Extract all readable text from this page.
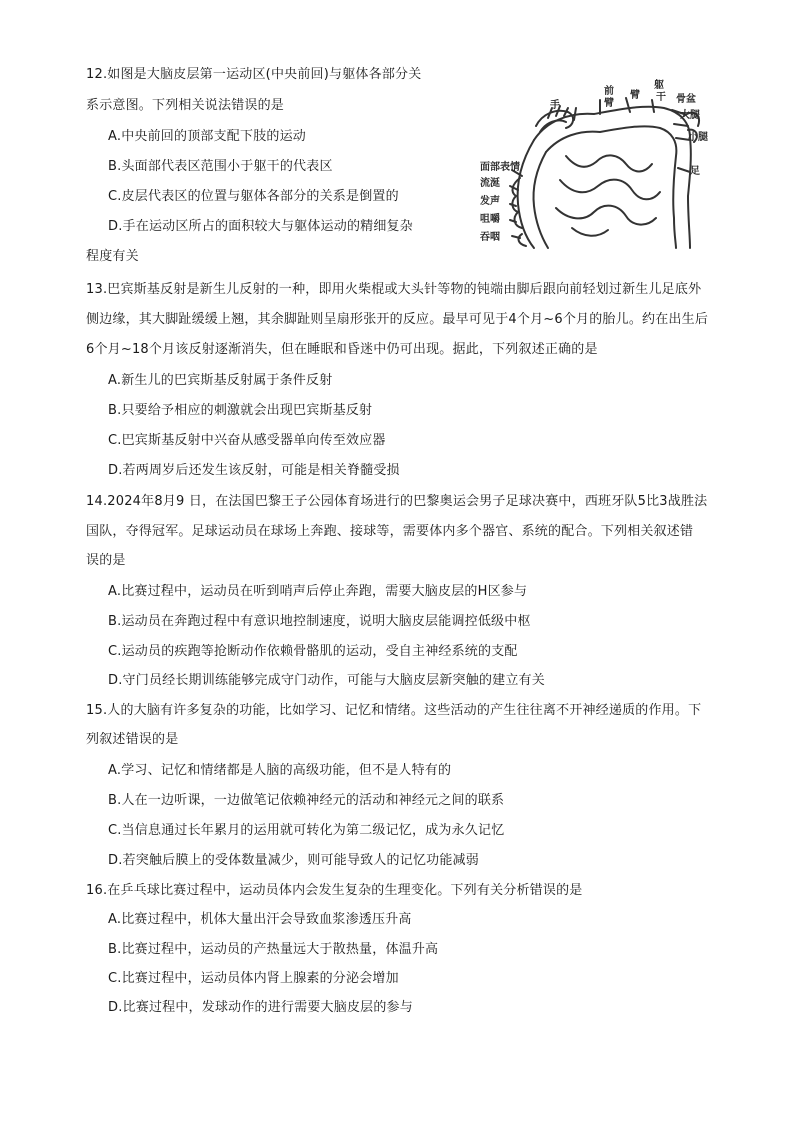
12.如图是大脑皮层第一运动区(中央前回)与躯体各部分关
系示意图。下列相关说法错误的是
A.中央前回的顶部支配下肢的运动
B.头面部代表区范围小于躯干的代表区
C.皮层代表区的位置与躯体各部分的关系是倒置的
D.手在运动区所占的面积较大与躯体运动的精细复杂
程度有关
手
前
臂
臂
躯
干 骨盆
大腿
小腿
足
面部表情
流涎
发声
咀嚼
吞咽
13.巴宾斯基反射是新生儿反射的一种，即用火柴棍或大头针等物的钝端由脚后跟向前轻划过新生儿足底外
侧边缘，其大脚趾缓缓上翘，其余脚趾则呈扇形张开的反应。最早可见于4个月~6个月的胎儿。约在出生后
6个月~18个月该反射逐渐消失，但在睡眠和昏迷中仍可出现。据此，下列叙述正确的是
A.新生儿的巴宾斯基反射属于条件反射
B.只要给予相应的刺激就会出现巴宾斯基反射
C.巴宾斯基反射中兴奋从感受器单向传至效应器
D.若两周岁后还发生该反射，可能是相关脊髓受损
14.2024年8月9 日，在法国巴黎王子公园体育场进行的巴黎奥运会男子足球决赛中，西班牙队5比3战胜法
国队，夺得冠军。足球运动员在球场上奔跑、接球等，需要体内多个器官、系统的配合。下列相关叙述错
误的是
A.比赛过程中，运动员在听到哨声后停止奔跑，需要大脑皮层的H区参与
B.运动员在奔跑过程中有意识地控制速度，说明大脑皮层能调控低级中枢
C.运动员的疾跑等抢断动作依赖骨骼肌的运动，受自主神经系统的支配
D.守门员经长期训练能够完成守门动作，可能与大脑皮层新突触的建立有关
15.人的大脑有许多复杂的功能，比如学习、记忆和情绪。这些活动的产生往往离不开神经递质的作用。下
列叙述错误的是
A.学习、记忆和情绪都是人脑的高级功能，但不是人特有的
B.人在一边听课，一边做笔记依赖神经元的活动和神经元之间的联系
C.当信息通过长年累月的运用就可转化为第二级记忆，成为永久记忆
D.若突触后膜上的受体数量减少，则可能导致人的记忆功能减弱
16.在乒乓球比赛过程中，运动员体内会发生复杂的生理变化。下列有关分析错误的是
A.比赛过程中，机体大量出汗会导致血浆渗透压升高
B.比赛过程中，运动员的产热量远大于散热量，体温升高
C.比赛过程中，运动员体内肾上腺素的分泌会增加
D.比赛过程中，发球动作的进行需要大脑皮层的参与
